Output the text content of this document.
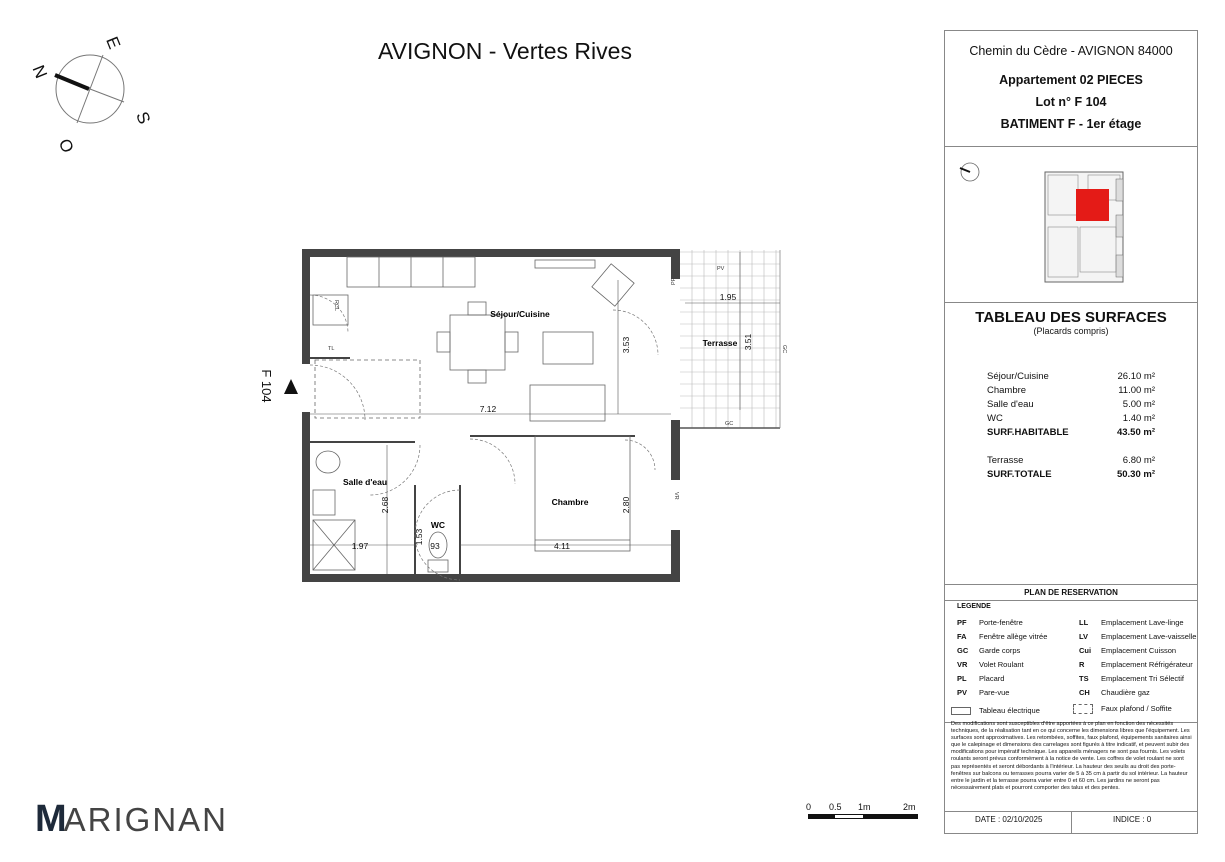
AVIGNON - Vertes Rives
N
E
S
O
F 104
Séjour/Cuisine
Terrasse
Salle d'eau
WC
Chambre
1.95
3.53	3.51
7.12
2.68
1.53
93
1.97	4.11
2.80
PV
GC
GC
PF
VR
RCL
TL
MARIGNAN	0 0.5 1m	2m
Chemin du Cèdre - AVIGNON 84000
Appartement 02 PIECES
Lot n° F 104
BATIMENT F - 1er étage
TABLEAU DES SURFACES
(Placards compris)
Séjour/Cuisine	26.10 m²
Chambre	11.00 m²
Salle d'eau	5.00 m²
WC	1.40 m²
SURF.HABITABLE	43.50 m²
Terrasse	6.80 m²
SURF.TOTALE	50.30 m²
PLAN DE RESERVATION
LEGENDE
PF Porte-fenêtre
FA Fenêtre allège vitrée
GC Garde corps
VR Volet Roulant
PL Placard
PV Pare-vue
Tableau électrique
LL Emplacement Lave-linge
LV Emplacement Lave-vaisselle
Cui Emplacement Cuisson
R Emplacement Réfrigérateur
TS Emplacement Tri Sélectif
CH Chaudière gaz
Faux plafond / Soffite
Des modifications sont susceptibles d'être apportées à ce plan en fonction des nécessités techniques, de la réalisation tant en ce qui concerne les dimensions libres que l'équipement. Les surfaces sont approximatives. Les retombées, soffites, faux plafond, équipements sanitaires ainsi que le calepinage et dimensions des carrelages sont figurés à titre indicatif, et peuvent subir des modifications pour impératif technique. Les appareils ménagers ne sont pas fournis. Les volets roulants seront prévus conformément à la notice de vente. Les coffres de volet roulant ne sont pas représentés et seront débordants à l'intérieur. La hauteur des seuils au droit des porte-fenêtres sur balcons ou terrasses pourra varier de 5 à 35 cm à partir du sol intérieur. La hauteur entre le jardin et la terrasse pourra varier entre 0 et 60 cm. Les jardins ne seront pas nécessairement plats et pourront comporter des talus et des pentes.
DATE : 02/10/2025	INDICE : 0
